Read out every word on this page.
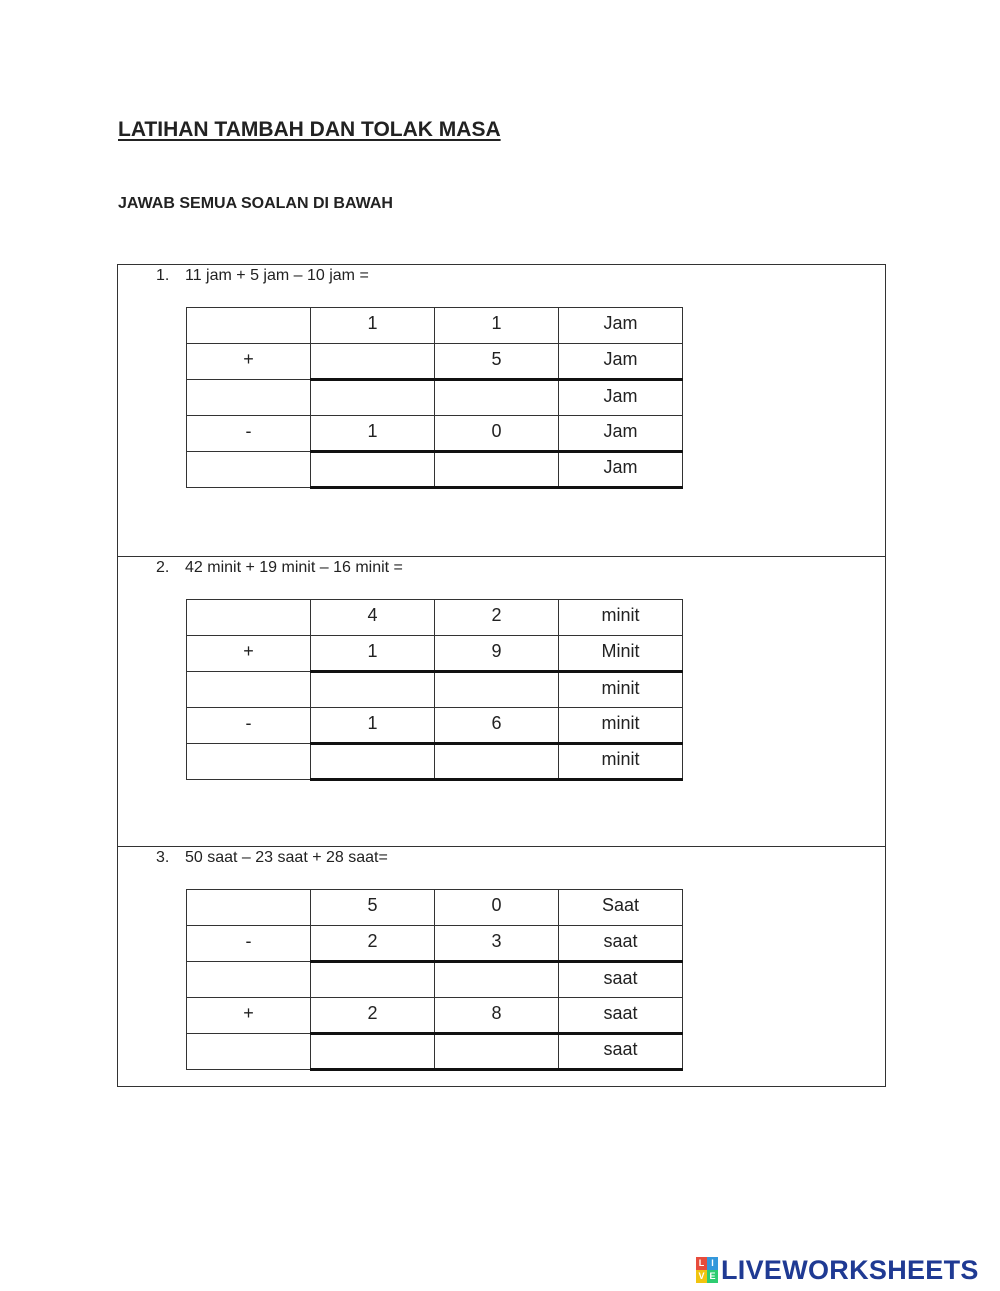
LATIHAN TAMBAH DAN TOLAK MASA
JAWAB SEMUA SOALAN DI BAWAH
1. 11 jam + 5 jam – 10 jam =
	1	1	Jam
+		5	Jam
			Jam
-	1	0	Jam
			Jam
2. 42 minit + 19 minit – 16 minit =
	4	2	minit
+	1	9	Minit
			minit
-	1	6	minit
			minit
3. 50 saat – 23 saat + 28 saat=
	5	0	Saat
-	2	3	saat
			saat
+	2	8	saat
			saat
L I
V E LIVEWORKSHEETS
